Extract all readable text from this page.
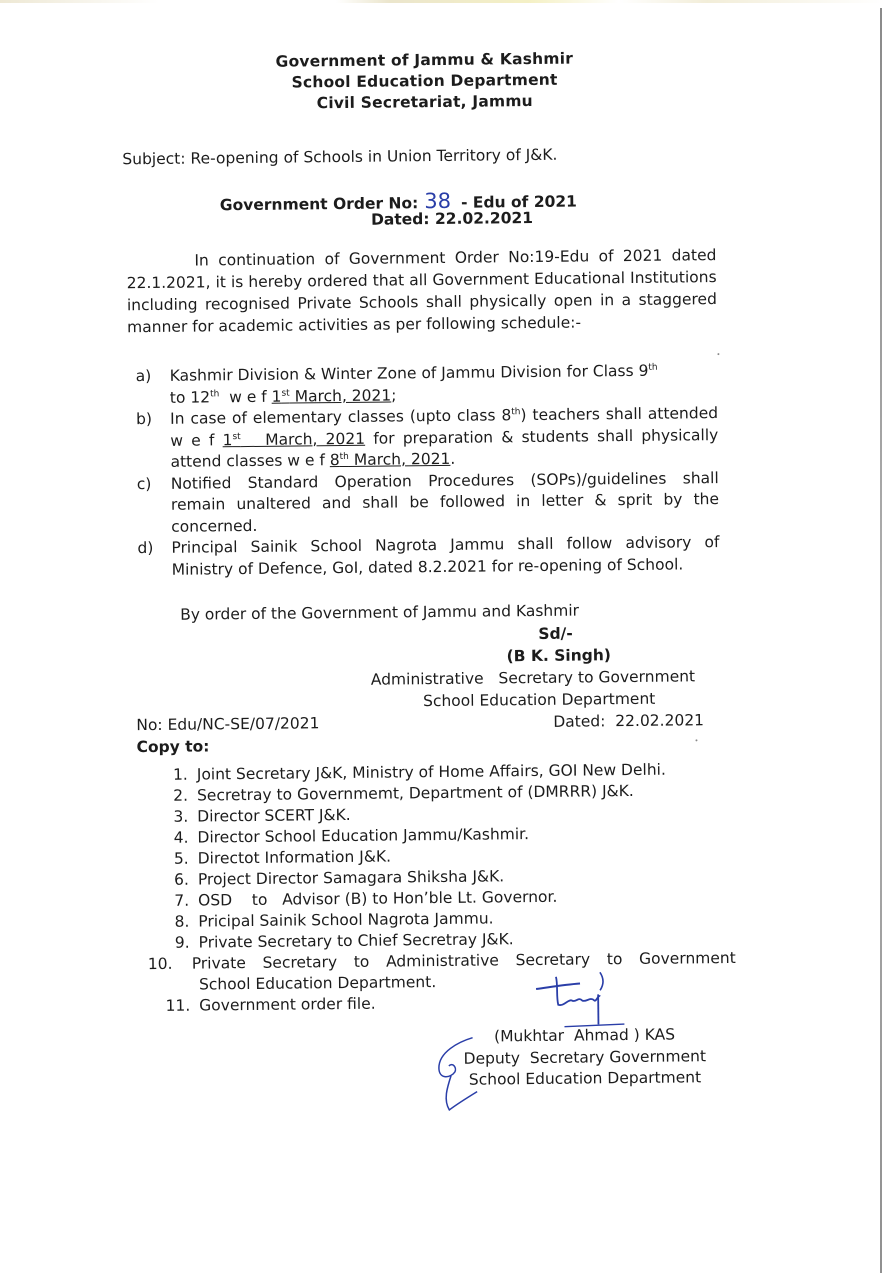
Government of Jammu & Kashmir
School Education Department
Civil Secretariat, Jammu
Subject: Re-opening of Schools in Union Territory of J&K.
Government Order No: 38 - Edu of 2021
Dated: 22.02.2021
In continuation of Government Order No:19-Edu of 2021 dated 22.1.2021, it is hereby ordered that all Government Educational Institutions including recognised Private Schools shall physically open in a staggered manner for academic activities as per following schedule:-
a)	Kashmir Division & Winter Zone of Jammu Division for Class 9th
to 12th  w e f 1st March, 2021;
b)	In case of elementary classes (upto class 8th) teachers shall attended w e f 1st   March, 2021 for preparation & students shall physically attend classes w e f 8th March, 2021.
c)	Notified Standard Operation Procedures (SOPs)/guidelines shall remain unaltered and shall be followed in letter & sprit by the concerned.
d)	Principal Sainik School Nagrota Jammu shall follow advisory of Ministry of Defence, GoI, dated 8.2.2021 for re-opening of School.
By order of the Government of Jammu and Kashmir
Sd/-
(B K. Singh)
Administrative   Secretary to Government
School Education Department
Dated:  22.02.2021
No: Edu/NC-SE/07/2021
Copy to:
1. Joint Secretary J&K, Ministry of Home Affairs, GOI New Delhi.
2. Secretray to Governmemt, Department of (DMRRR) J&K.
3. Director SCERT J&K.
4. Director School Education Jammu/Kashmir.
5. Directot Information J&K.
6. Project Director Samagara Shiksha J&K.
7. OSD    to   Advisor (B) to Hon’ble Lt. Governor.
8. Pricipal Sainik School Nagrota Jammu.
9. Private Secretary to Chief Secretray J&K.
10.	Private Secretary to Administrative Secretary to Government
School Education Department.
11. Government order file.
(Mukhtar  Ahmad ) KAS
Deputy  Secretary Government
School Education Department
